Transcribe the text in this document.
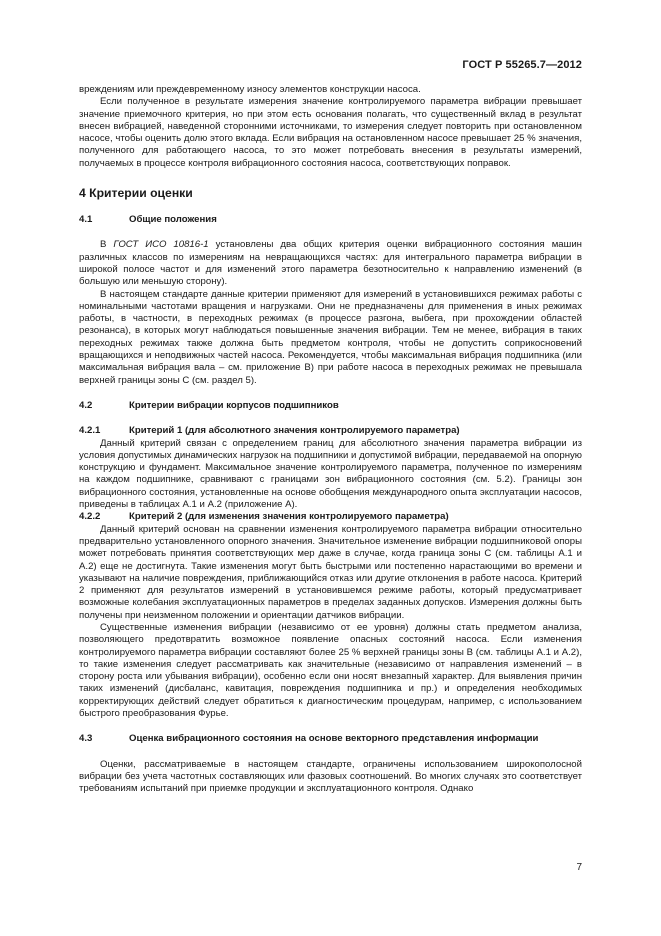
ГОСТ Р 55265.7—2012

вреждениям или преждевременному износу элементов конструкции насоса.

Если полученное в результате измерения значение контролируемого параметра вибрации превышает значение приемочного критерия, но при этом есть основания полагать, что существенный вклад в результат внесен вибрацией, наведенной сторонними источниками, то измерения следует повторить при остановленном насосе, чтобы оценить долю этого вклада. Если вибрация на остановленном насосе превышает 25 % значения, полученного для работающего насоса, то это может потребовать внесения в результаты измерений, получаемых в процессе контроля вибрационного состояния насоса, соответствующих поправок.

4 Критерии оценки
4.1	Общие положения

В ГОСТ ИСО 10816-1 установлены два общих критерия оценки вибрационного состояния машин различных классов по измерениям на невращающихся частях: для интегрального параметра вибрации в широкой полосе частот и для изменений этого параметра безотносительно к направлению изменений (в большую или меньшую сторону).

В настоящем стандарте данные критерии применяют для измерений в установившихся режимах работы с номинальными частотами вращения и нагрузками. Они не предназначены для применения в иных режимах работы, в частности, в переходных режимах (в процессе разгона, выбега, при прохождении областей резонанса), в которых могут наблюдаться повышенные значения вибрации. Тем не менее, вибрация в таких переходных режимах также должна быть предметом контроля, чтобы не допустить соприкосновений вращающихся и неподвижных частей насоса. Рекомендуется, чтобы максимальная вибрация подшипника (или максимальная вибрация вала – см. приложение В) при работе насоса в переходных режимах не превышала верхней границы зоны С (см. раздел 5).

4.2	Критерии вибрации корпусов подшипников
4.2.1	Критерий 1 (для абсолютного значения контролируемого параметра)

Данный критерий связан с определением границ для абсолютного значения параметра вибрации из условия допустимых динамических нагрузок на подшипники и допустимой вибрации, передаваемой на опорную конструкцию и фундамент. Максимальное значение контролируемого параметра, полученное по измерениям на каждом подшипнике, сравнивают с границами зон вибрационного состояния (см. 5.2). Границы зон вибрационного состояния, установленные на основе обобщения международного опыта эксплуатации насосов, приведены в таблицах А.1 и А.2 (приложение А).

4.2.2	Критерий 2 (для изменения значения контролируемого параметра)

Данный критерий основан на сравнении изменения контролируемого параметра вибрации относительно предварительно установленного опорного значения. Значительное изменение вибрации подшипниковой опоры может потребовать принятия соответствующих мер даже в случае, когда граница зоны С (см. таблицы А.1 и А.2) еще не достигнута. Такие изменения могут быть быстрыми или постепенно нарастающими во времени и указывают на наличие повреждения, приближающийся отказ или другие отклонения в работе насоса. Критерий 2 применяют для результатов измерений в установившемся режиме работы, который предусматривает возможные колебания эксплуатационных параметров в пределах заданных допусков. Измерения должны быть получены при неизменном положении и ориентации датчиков вибрации.

Существенные изменения вибрации (независимо от ее уровня) должны стать предметом анализа, позволяющего предотвратить возможное появление опасных состояний насоса. Если изменения контролируемого параметра вибрации составляют более 25 % верхней границы зоны В (см. таблицы А.1 и А.2), то такие изменения следует рассматривать как значительные (независимо от направления изменений – в сторону роста или убывания вибрации), особенно если они носят внезапный характер. Для выявления причин таких изменений (дисбаланс, кавитация, повреждения подшипника и пр.) и определения необходимых корректирующих действий следует обратиться к диагностическим процедурам, например, с использованием быстрого преобразования Фурье.

4.3	Оценка вибрационного состояния на основе векторного представления информации

Оценки, рассматриваемые в настоящем стандарте, ограничены использованием широкополосной вибрации без учета частотных составляющих или фазовых соотношений. Во многих случаях это соответствует требованиям испытаний при приемке продукции и эксплуатационного контроля. Однако

7
